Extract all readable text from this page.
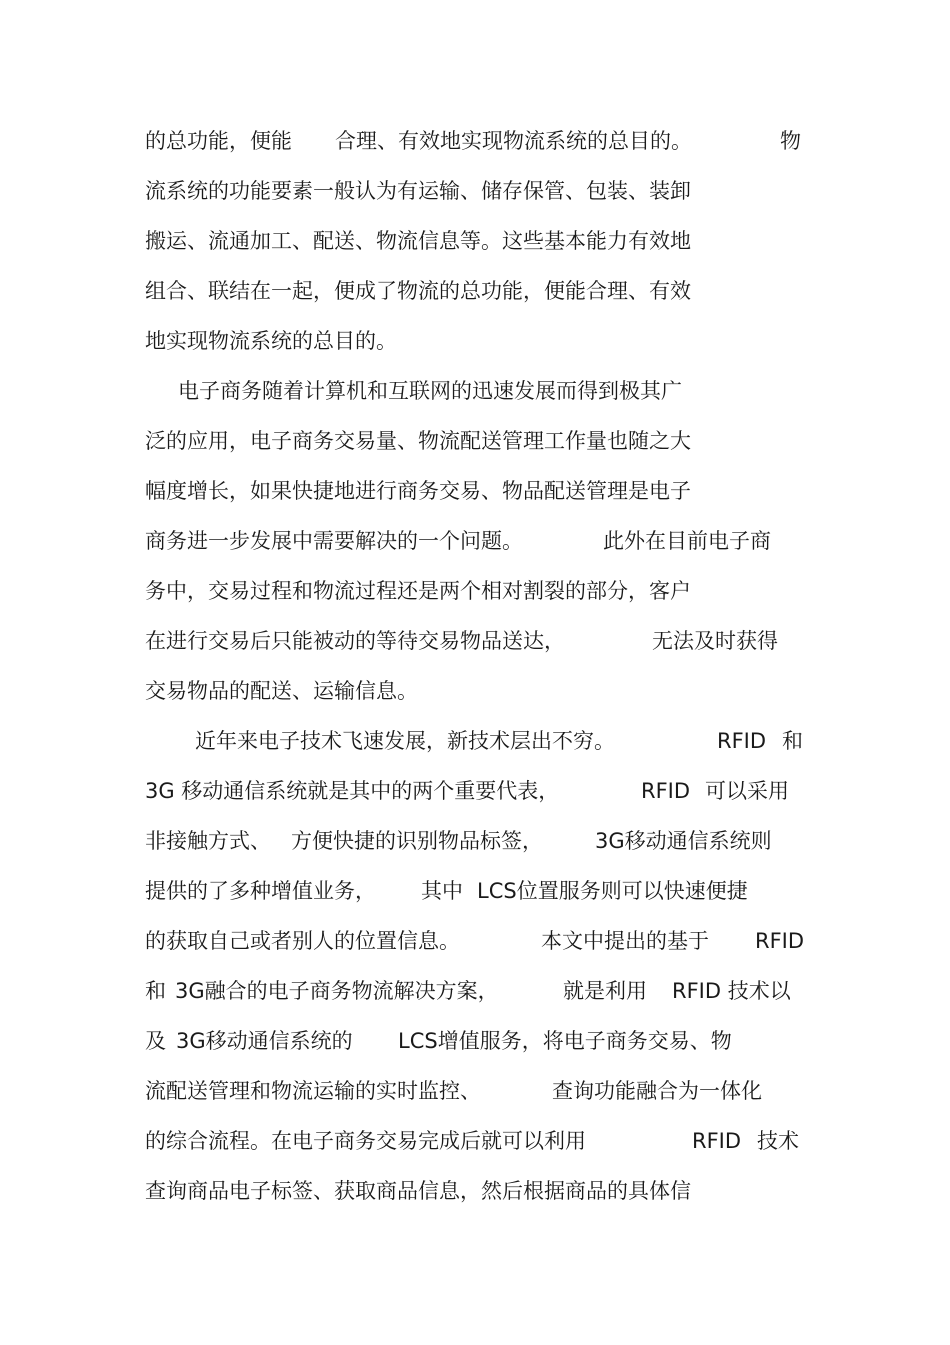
的总功能，便能 合理、有效地实现物流系统的总目的。	物
流系统的功能要素一般认为有运输、储存保管、包装、装卸
搬运、流通加工、配送、物流信息等。这些基本能力有效地
组合、联结在一起，便成了物流的总功能，便能合理、有效
地实现物流系统的总目的。
电子商务随着计算机和互联网的迅速发展而得到极其广
泛的应用，电子商务交易量、物流配送管理工作量也随之大
幅度增长，如果快捷地进行商务交易、物品配送管理是电子
商务进一步发展中需要解决的一个问题。	此外在目前电子商
务中，交易过程和物流过程还是两个相对割裂的部分，客户
在进行交易后只能被动的等待交易物品送达，	无法及时获得
交易物品的配送、运输信息。
近年来电子技术飞速发展，新技术层出不穷。	RFID 和
3G 移动通信系统就是其中的两个重要代表，	RFID 可以采用
非接触方式、 方便快捷的识别物品标签， 3G移动通信系统则
提供的了多种增值业务， 其中 LCS位置服务则可以快速便捷
的获取自己或者别人的位置信息。	本文中提出的基于 RFID
和 3G融合的电子商务物流解决方案，	就是利用 RFID 技术以
及 3G移动通信系统的 LCS增值服务，将电子商务交易、物
流配送管理和物流运输的实时监控、	查询功能融合为一体化
的综合流程。在电子商务交易完成后就可以利用	RFID 技术
查询商品电子标签、获取商品信息，然后根据商品的具体信
